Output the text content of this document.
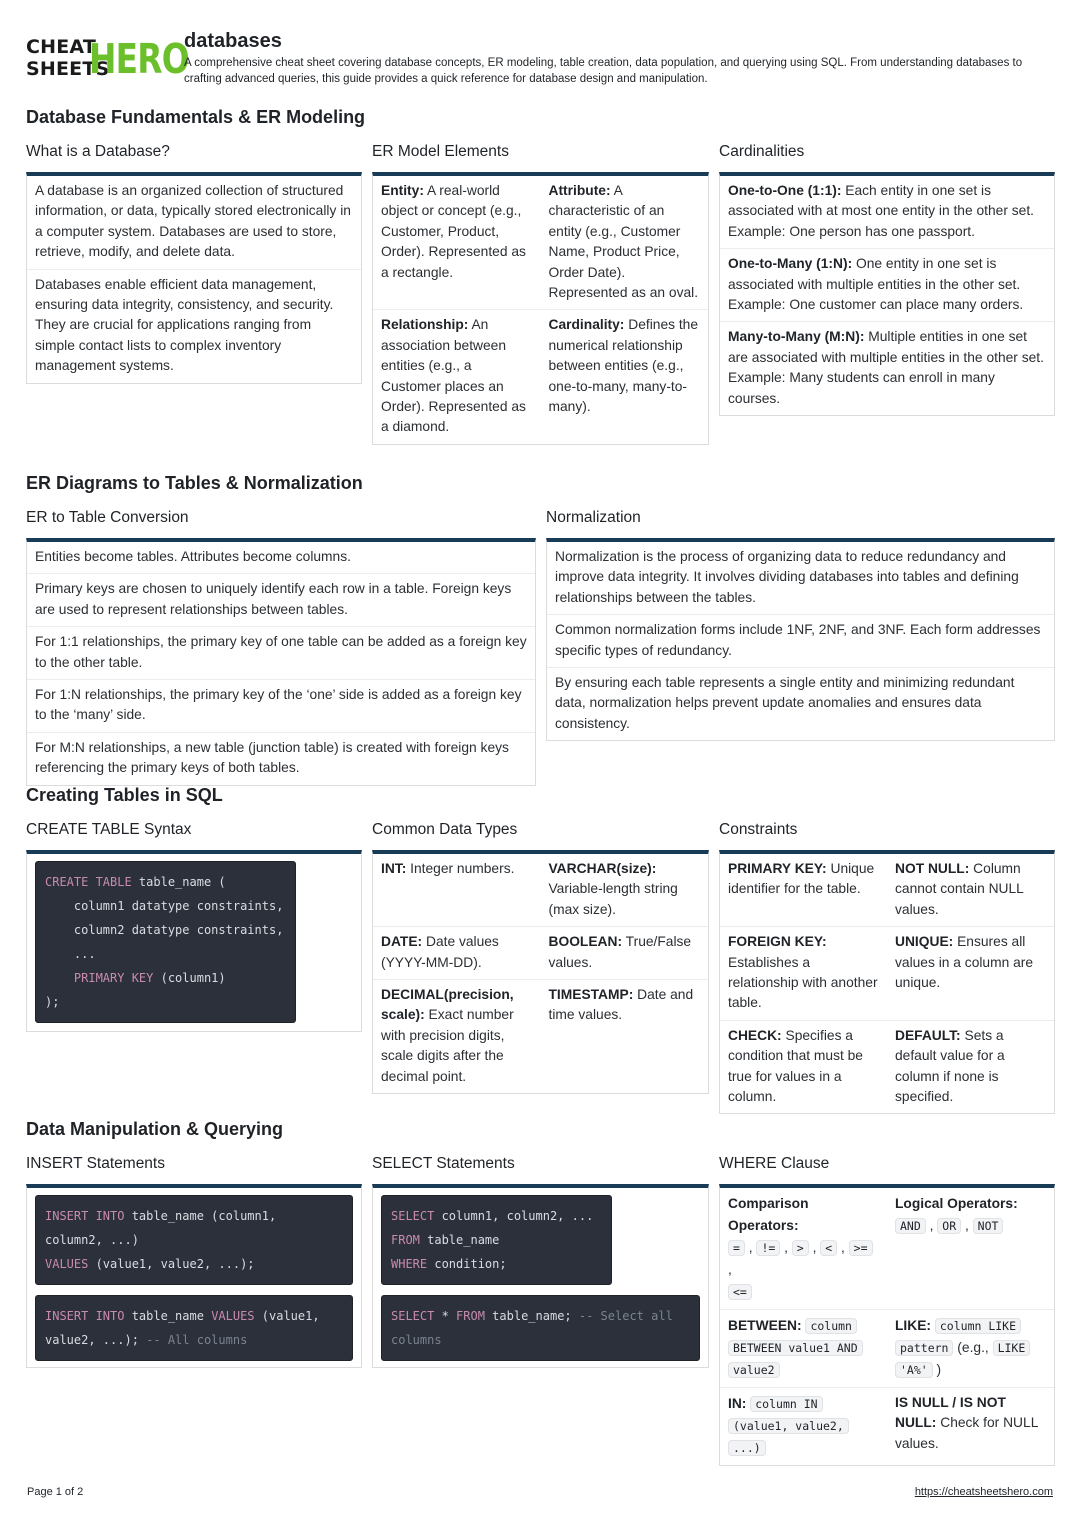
CHEAT
SHEETS
HERO
databases
A comprehensive cheat sheet covering database concepts, ER modeling, table creation, data population, and querying using SQL. From understanding databases to crafting advanced queries, this guide provides a quick reference for database design and manipulation.
Database Fundamentals & ER Modeling
What is a Database?
A database is an organized collection of structured information, or data, typically stored electronically in a computer system. Databases are used to store, retrieve, modify, and delete data.
Databases enable efficient data management, ensuring data integrity, consistency, and security. They are crucial for applications ranging from simple contact lists to complex inventory management systems.
ER Model Elements
Entity: A real-world object or concept (e.g., Customer, Product, Order). Represented as a rectangle.
Attribute: A characteristic of an entity (e.g., Customer Name, Product Price, Order Date). Represented as an oval.
Relationship: An association between entities (e.g., a Customer places an Order). Represented as a diamond.
Cardinality: Defines the numerical relationship between entities (e.g., one-to-many, many-to-many).
Cardinalities
One-to-One (1:1): Each entity in one set is associated with at most one entity in the other set. Example: One person has one passport.
One-to-Many (1:N): One entity in one set is associated with multiple entities in the other set. Example: One customer can place many orders.
Many-to-Many (M:N): Multiple entities in one set are associated with multiple entities in the other set. Example: Many students can enroll in many courses.
ER Diagrams to Tables & Normalization
ER to Table Conversion
Entities become tables. Attributes become columns.
Primary keys are chosen to uniquely identify each row in a table. Foreign keys are used to represent relationships between tables.
For 1:1 relationships, the primary key of one table can be added as a foreign key to the other table.
For 1:N relationships, the primary key of the ‘one’ side is added as a foreign key to the ‘many’ side.
For M:N relationships, a new table (junction table) is created with foreign keys referencing the primary keys of both tables.
Normalization
Normalization is the process of organizing data to reduce redundancy and improve data integrity. It involves dividing databases into tables and defining relationships between the tables.
Common normalization forms include 1NF, 2NF, and 3NF. Each form addresses specific types of redundancy.
By ensuring each table represents a single entity and minimizing redundant data, normalization helps prevent update anomalies and ensures data consistency.
Creating Tables in SQL
CREATE TABLE Syntax
CREATE TABLE table_name (
column1 datatype constraints,
column2 datatype constraints,
...
PRIMARY KEY (column1)
);
Common Data Types
INT: Integer numbers.	VARCHAR(size): Variable-length string (max size).
DATE: Date values (YYYY-MM-DD).
BOOLEAN: True/False values.
DECIMAL(precision, scale): Exact number with precision digits, scale digits after the decimal point.
TIMESTAMP: Date and time values.
Constraints
PRIMARY KEY: Unique identifier for the table.
NOT NULL: Column cannot contain NULL values.
FOREIGN KEY: Establishes a relationship with another table.
UNIQUE: Ensures all values in a column are unique.
CHECK: Specifies a condition that must be true for values in a column.
DEFAULT: Sets a default value for a column if none is specified.
Data Manipulation & Querying
INSERT Statements
INSERT INTO table_name (column1,
column2, ...)
VALUES (value1, value2, ...);
INSERT INTO table_name VALUES (value1,
value2, ...); -- All columns
SELECT Statements
SELECT column1, column2, ...
FROM table_name
WHERE condition;
SELECT * FROM table_name; -- Select all
columns
WHERE Clause
Comparison Operators:
= , != , > , < , >= ,
<=
Logical Operators:
AND , OR , NOT
BETWEEN: column
BETWEEN value1 AND
value2
LIKE: column LIKE
pattern (e.g., LIKE
'A%' )
IN: column IN
(value1, value2,
...)
IS NULL / IS NOT NULL: Check for NULL values.
Page 1 of 2	https://cheatsheetshero.com
